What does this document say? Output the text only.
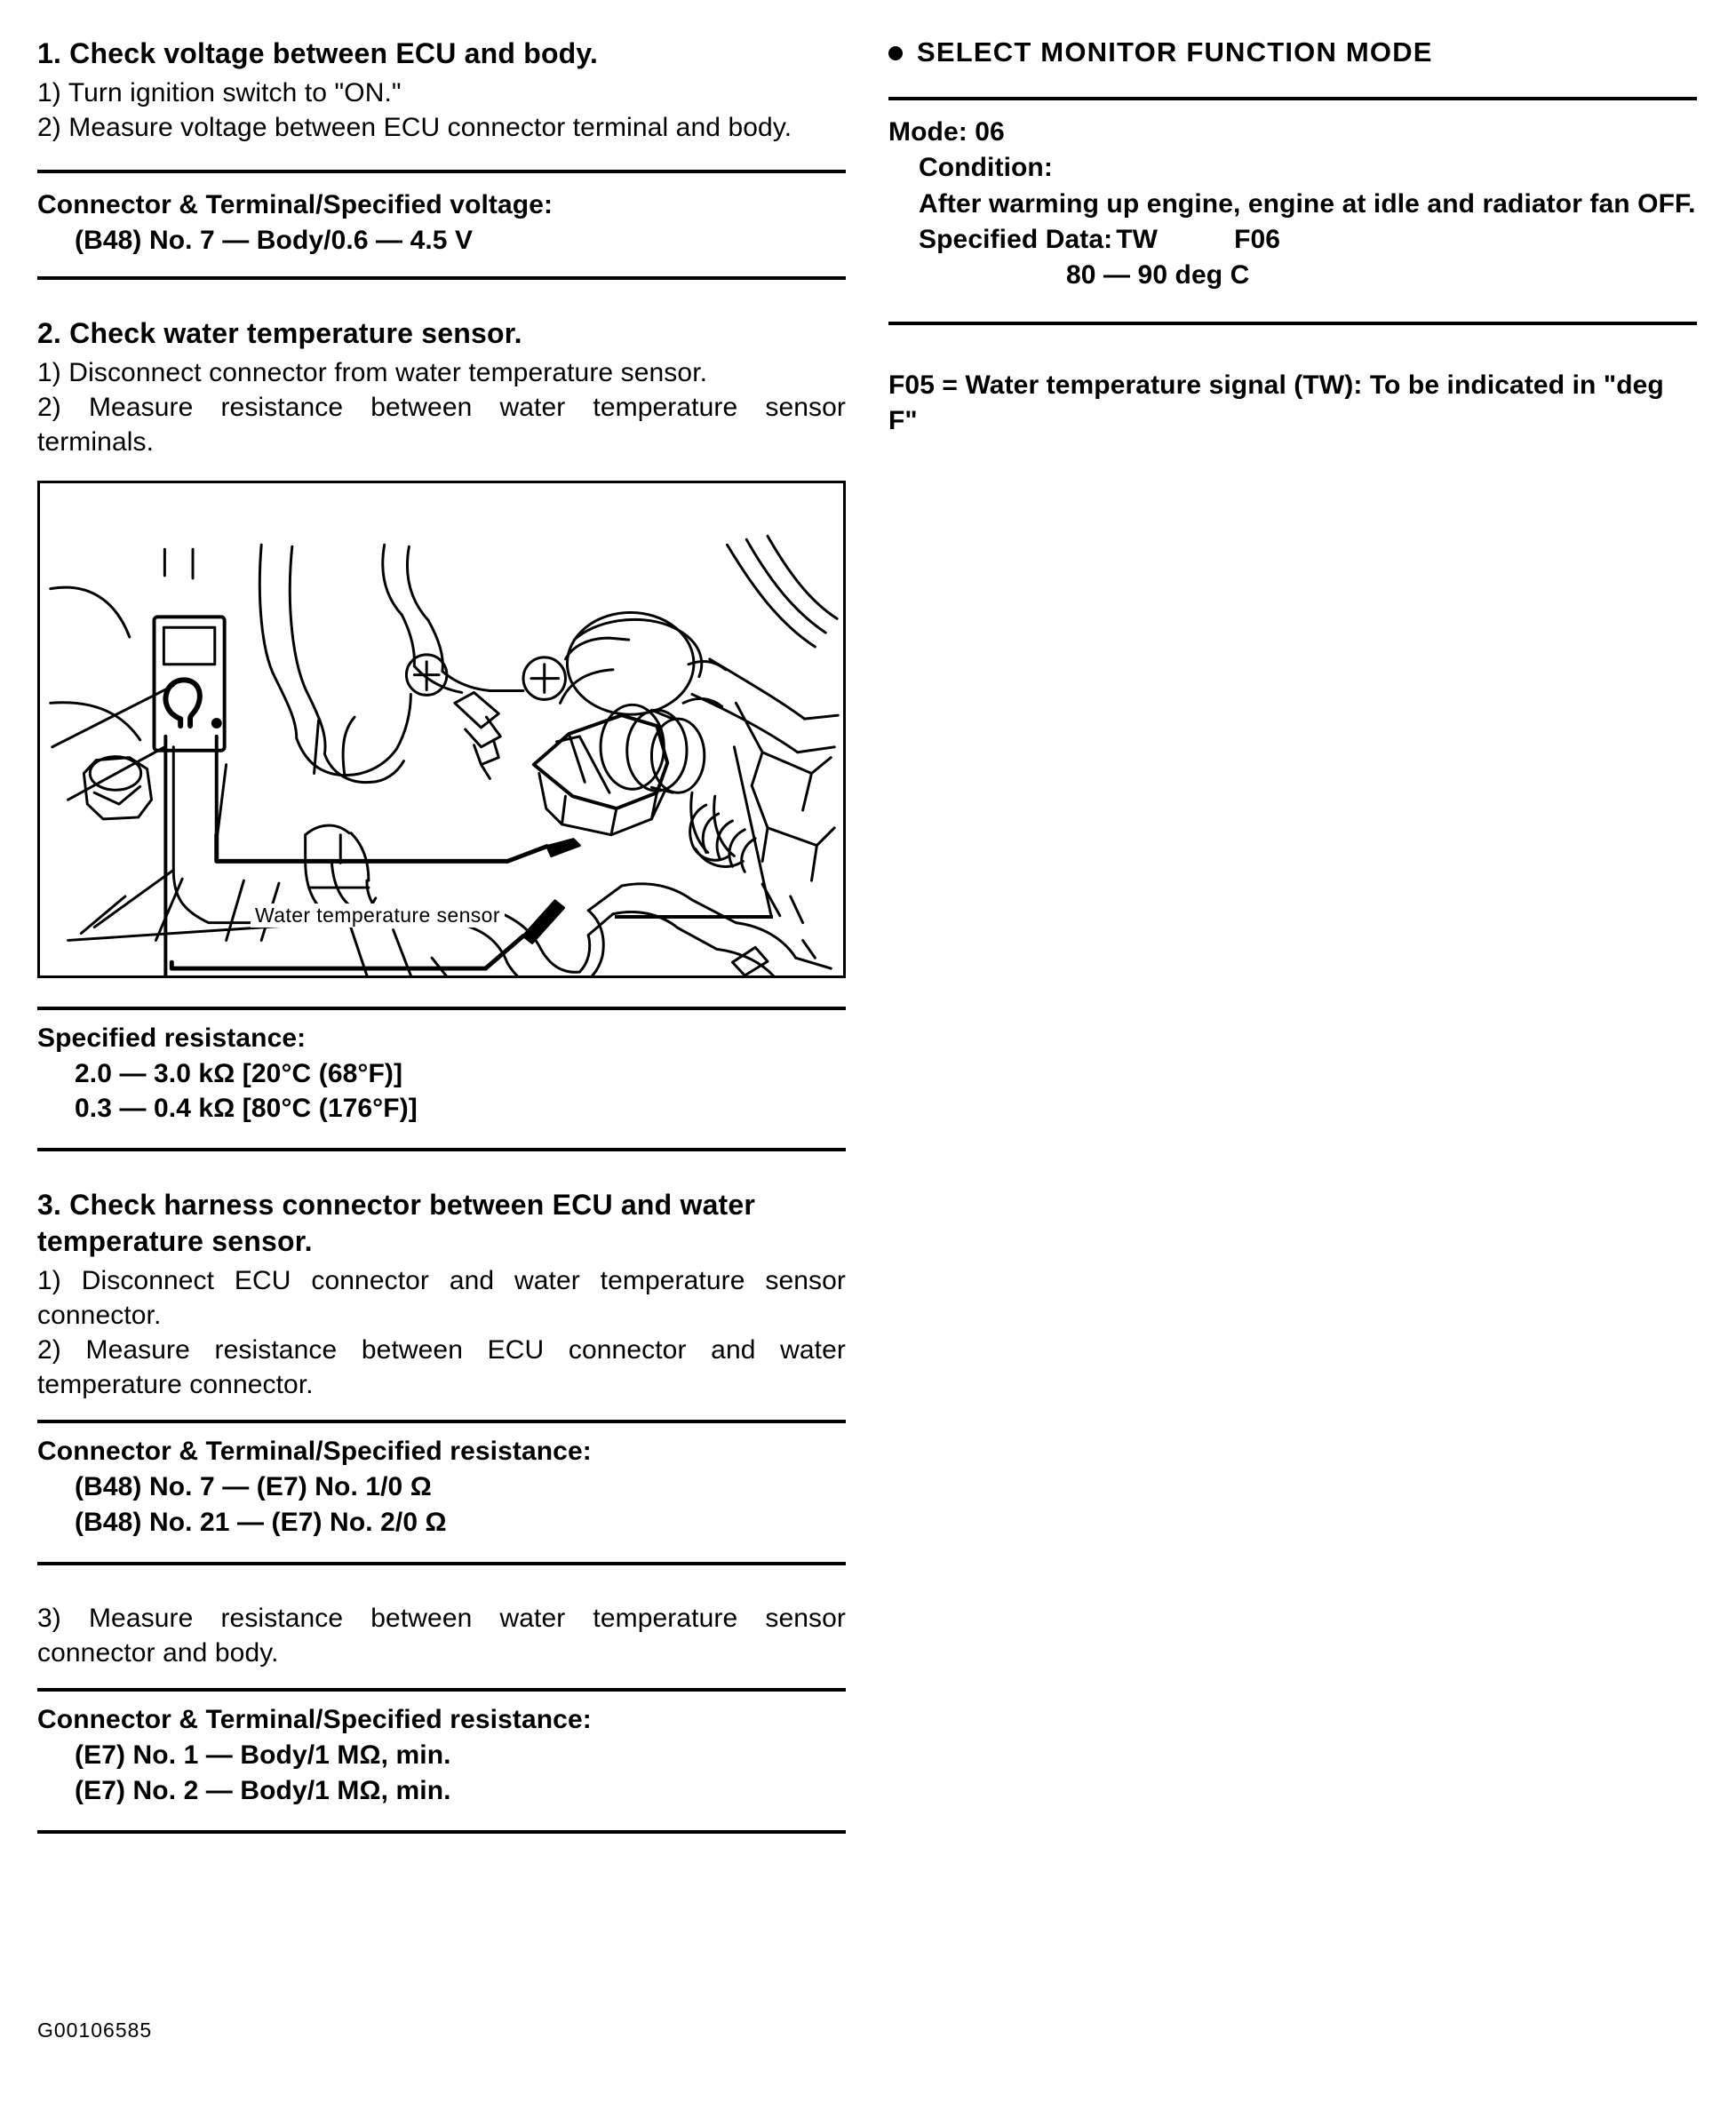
1. Check voltage between ECU and body.

1) Turn ignition switch to "ON."

2) Measure voltage between ECU connector terminal and body.

Connector & Terminal/Specified voltage:

(B48) No. 7 — Body/0.6 — 4.5 V

2. Check water temperature sensor.

1) Disconnect connector from water temperature sensor.

2) Measure resistance between water temperature sensor terminals.

Water temperature sensor

Specified resistance:

2.0 — 3.0 kΩ [20°C (68°F)]

0.3 — 0.4 kΩ [80°C (176°F)]

3. Check harness connector between ECU and water temperature sensor.

1) Disconnect ECU connector and water temperature sensor connector.

2) Measure resistance between ECU connector and water temperature connector.

Connector & Terminal/Specified resistance:

(B48) No. 7 — (E7) No. 1/0 Ω

(B48) No. 21 — (E7) No. 2/0 Ω

3) Measure resistance between water temperature sensor connector and body.

Connector & Terminal/Specified resistance:

(E7) No. 1 — Body/1 MΩ, min.

(E7) No. 2 — Body/1 MΩ, min.

SELECT MONITOR FUNCTION MODE

Mode: 06

Condition:

After warming up engine, engine at idle and radiator fan OFF.

Specified Data: TW	F06

80 — 90 deg C

F05 = Water temperature signal (TW): To be indicated in "deg F"

G00106585
